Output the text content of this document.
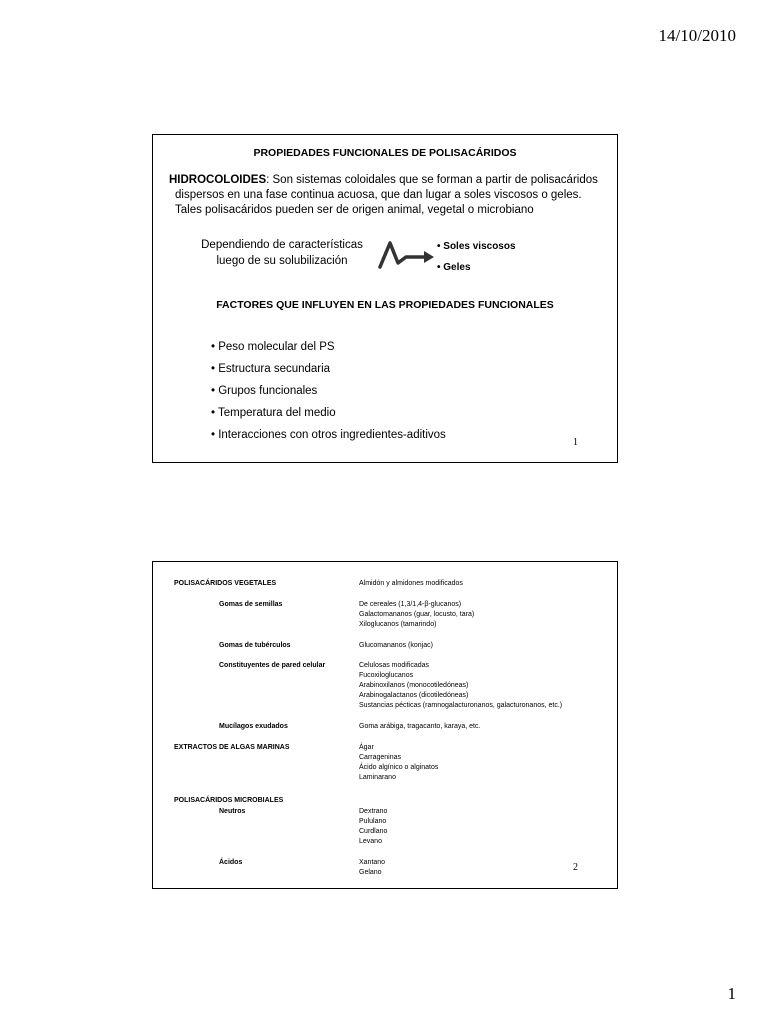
14/10/2010
PROPIEDADES FUNCIONALES DE POLISACÁRIDOS
HIDROCOLOIDES: Son sistemas coloidales que se forman a partir de polisacáridos
dispersos en una fase continua acuosa, que dan lugar a soles viscosos o geles.
Tales polisacáridos pueden ser de origen animal, vegetal o microbiano
Dependiendo de características
luego de su solubilización
• Soles viscosos
• Geles
FACTORES QUE INFLUYEN EN LAS PROPIEDADES FUNCIONALES
• Peso molecular del PS
• Estructura secundaria
• Grupos funcionales
• Temperatura del medio
• Interacciones con otros ingredientes-aditivos
1
POLISACÁRIDOS VEGETALES	Almidón y almidones modificados
Gomas de semillas	De cereales (1,3/1,4-β-glucanos)
Galactomananos (guar, locusto, tara)
Xiloglucanos (tamarindo)
Gomas de tubérculos	Glucomananos (konjac)
Constituyentes de pared celular	Celulosas modificadas
Fucoxiloglucanos
Arabinoxilanos (monocotiledóneas)
Arabinogalactanos (dicotiledóneas)
Sustancias pécticas (ramnogalacturonanos, galacturonanos, etc.)
Mucílagos exudados	Goma arábiga, tragacanto, karaya, etc.
EXTRACTOS DE ALGAS MARINAS	Ágar
Carrageninas
Ácido algínico o alginatos
Laminarano
POLISACÁRIDOS MICROBIALES
Neutros	Dextrano
Pululano
Curdlano
Levano
Ácidos	Xantano
Gelano	2
1
